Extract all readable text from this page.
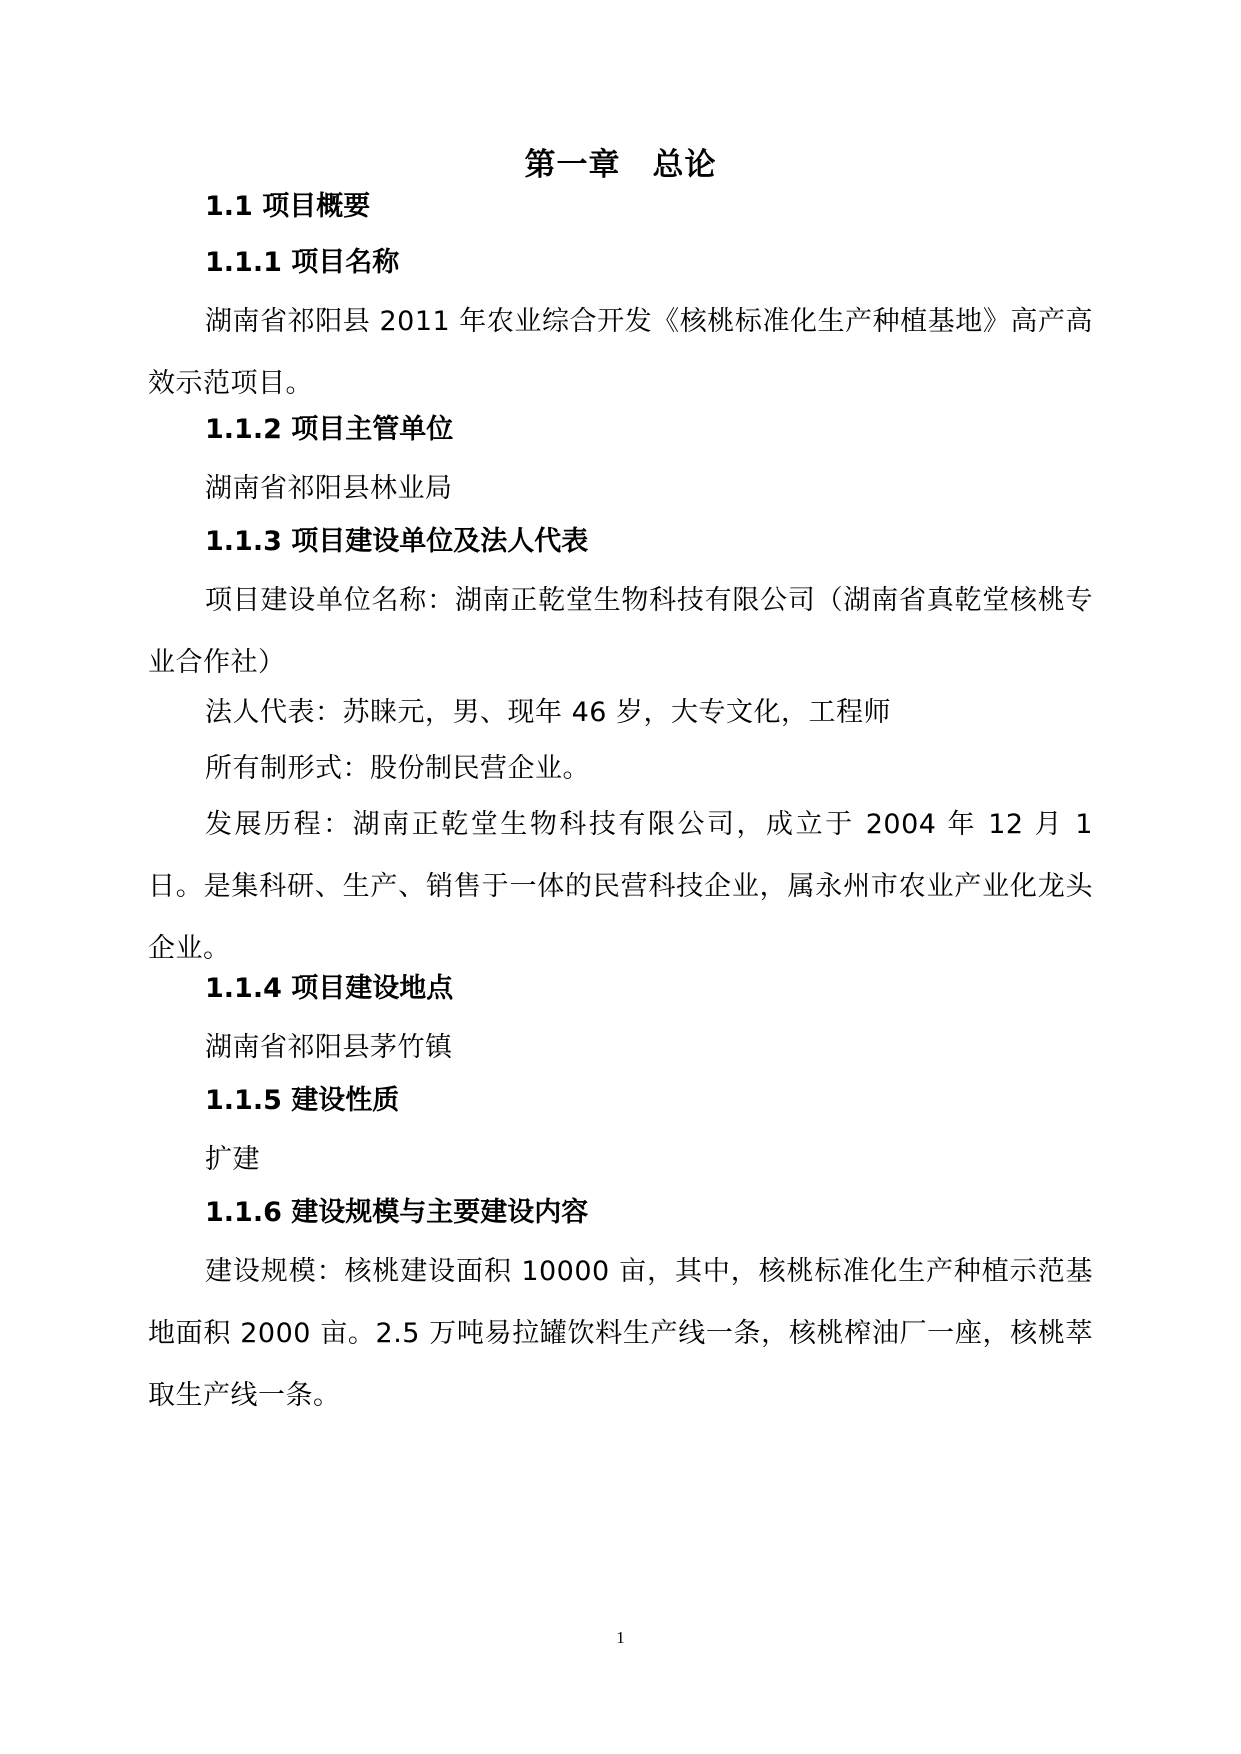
第一章　总论
1.1 项目概要
1.1.1 项目名称

湖南省祁阳县 2011 年农业综合开发《核桃标准化生产种植基地》高产高效示范项目。

1.1.2 项目主管单位

湖南省祁阳县林业局

1.1.3 项目建设单位及法人代表

项目建设单位名称：湖南正乾堂生物科技有限公司（湖南省真乾堂核桃专业合作社）

法人代表：苏睐元，男、现年 46 岁，大专文化，工程师

所有制形式：股份制民营企业。

发展历程：湖南正乾堂生物科技有限公司，成立于 2004 年 12 月 1 日。是集科研、生产、销售于一体的民营科技企业，属永州市农业产业化龙头企业。

1.1.4 项目建设地点

湖南省祁阳县茅竹镇

1.1.5 建设性质

扩建

1.1.6 建设规模与主要建设内容

建设规模：核桃建设面积 10000 亩，其中，核桃标准化生产种植示范基地面积 2000 亩。2.5 万吨易拉罐饮料生产线一条，核桃榨油厂一座，核桃萃取生产线一条。

1
